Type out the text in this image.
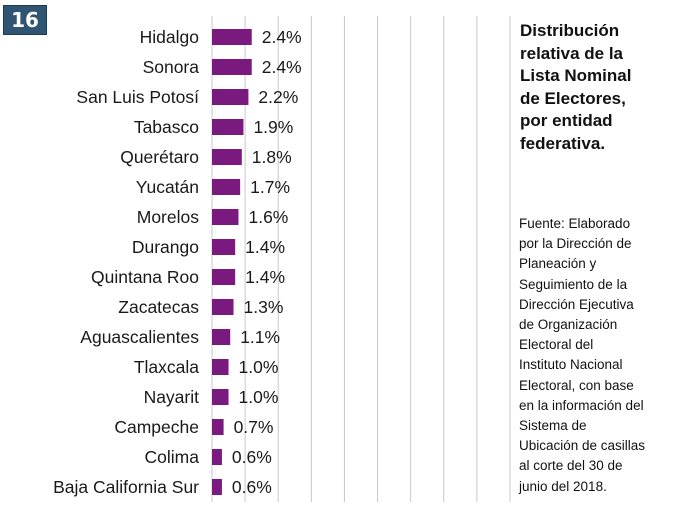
16
Hidalgo
Sonora
San Luis Potosí
Tabasco
Querétaro
Yucatán
Morelos
Durango
Quintana Roo
Zacatecas
Aguascalientes
Tlaxcala
Nayarit
Campeche
Colima
Baja California Sur
2.4%
2.4%
2.2%
1.9%
1.8%
1.7%
1.6%
1.4%
1.4%
1.3%
1.1%
1.0%
1.0%
0.7%
0.6%
0.6%
Distribución
relativa de la
Lista Nominal
de Electores,
por entidad
federativa.

Fuente: Elaborado
por la Dirección de
Planeación y
Seguimiento de la
Dirección Ejecutiva
de Organización
Electoral del
Instituto Nacional
Electoral, con base
en la información del
Sistema de
Ubicación de casillas
al corte del 30 de
junio del 2018.
